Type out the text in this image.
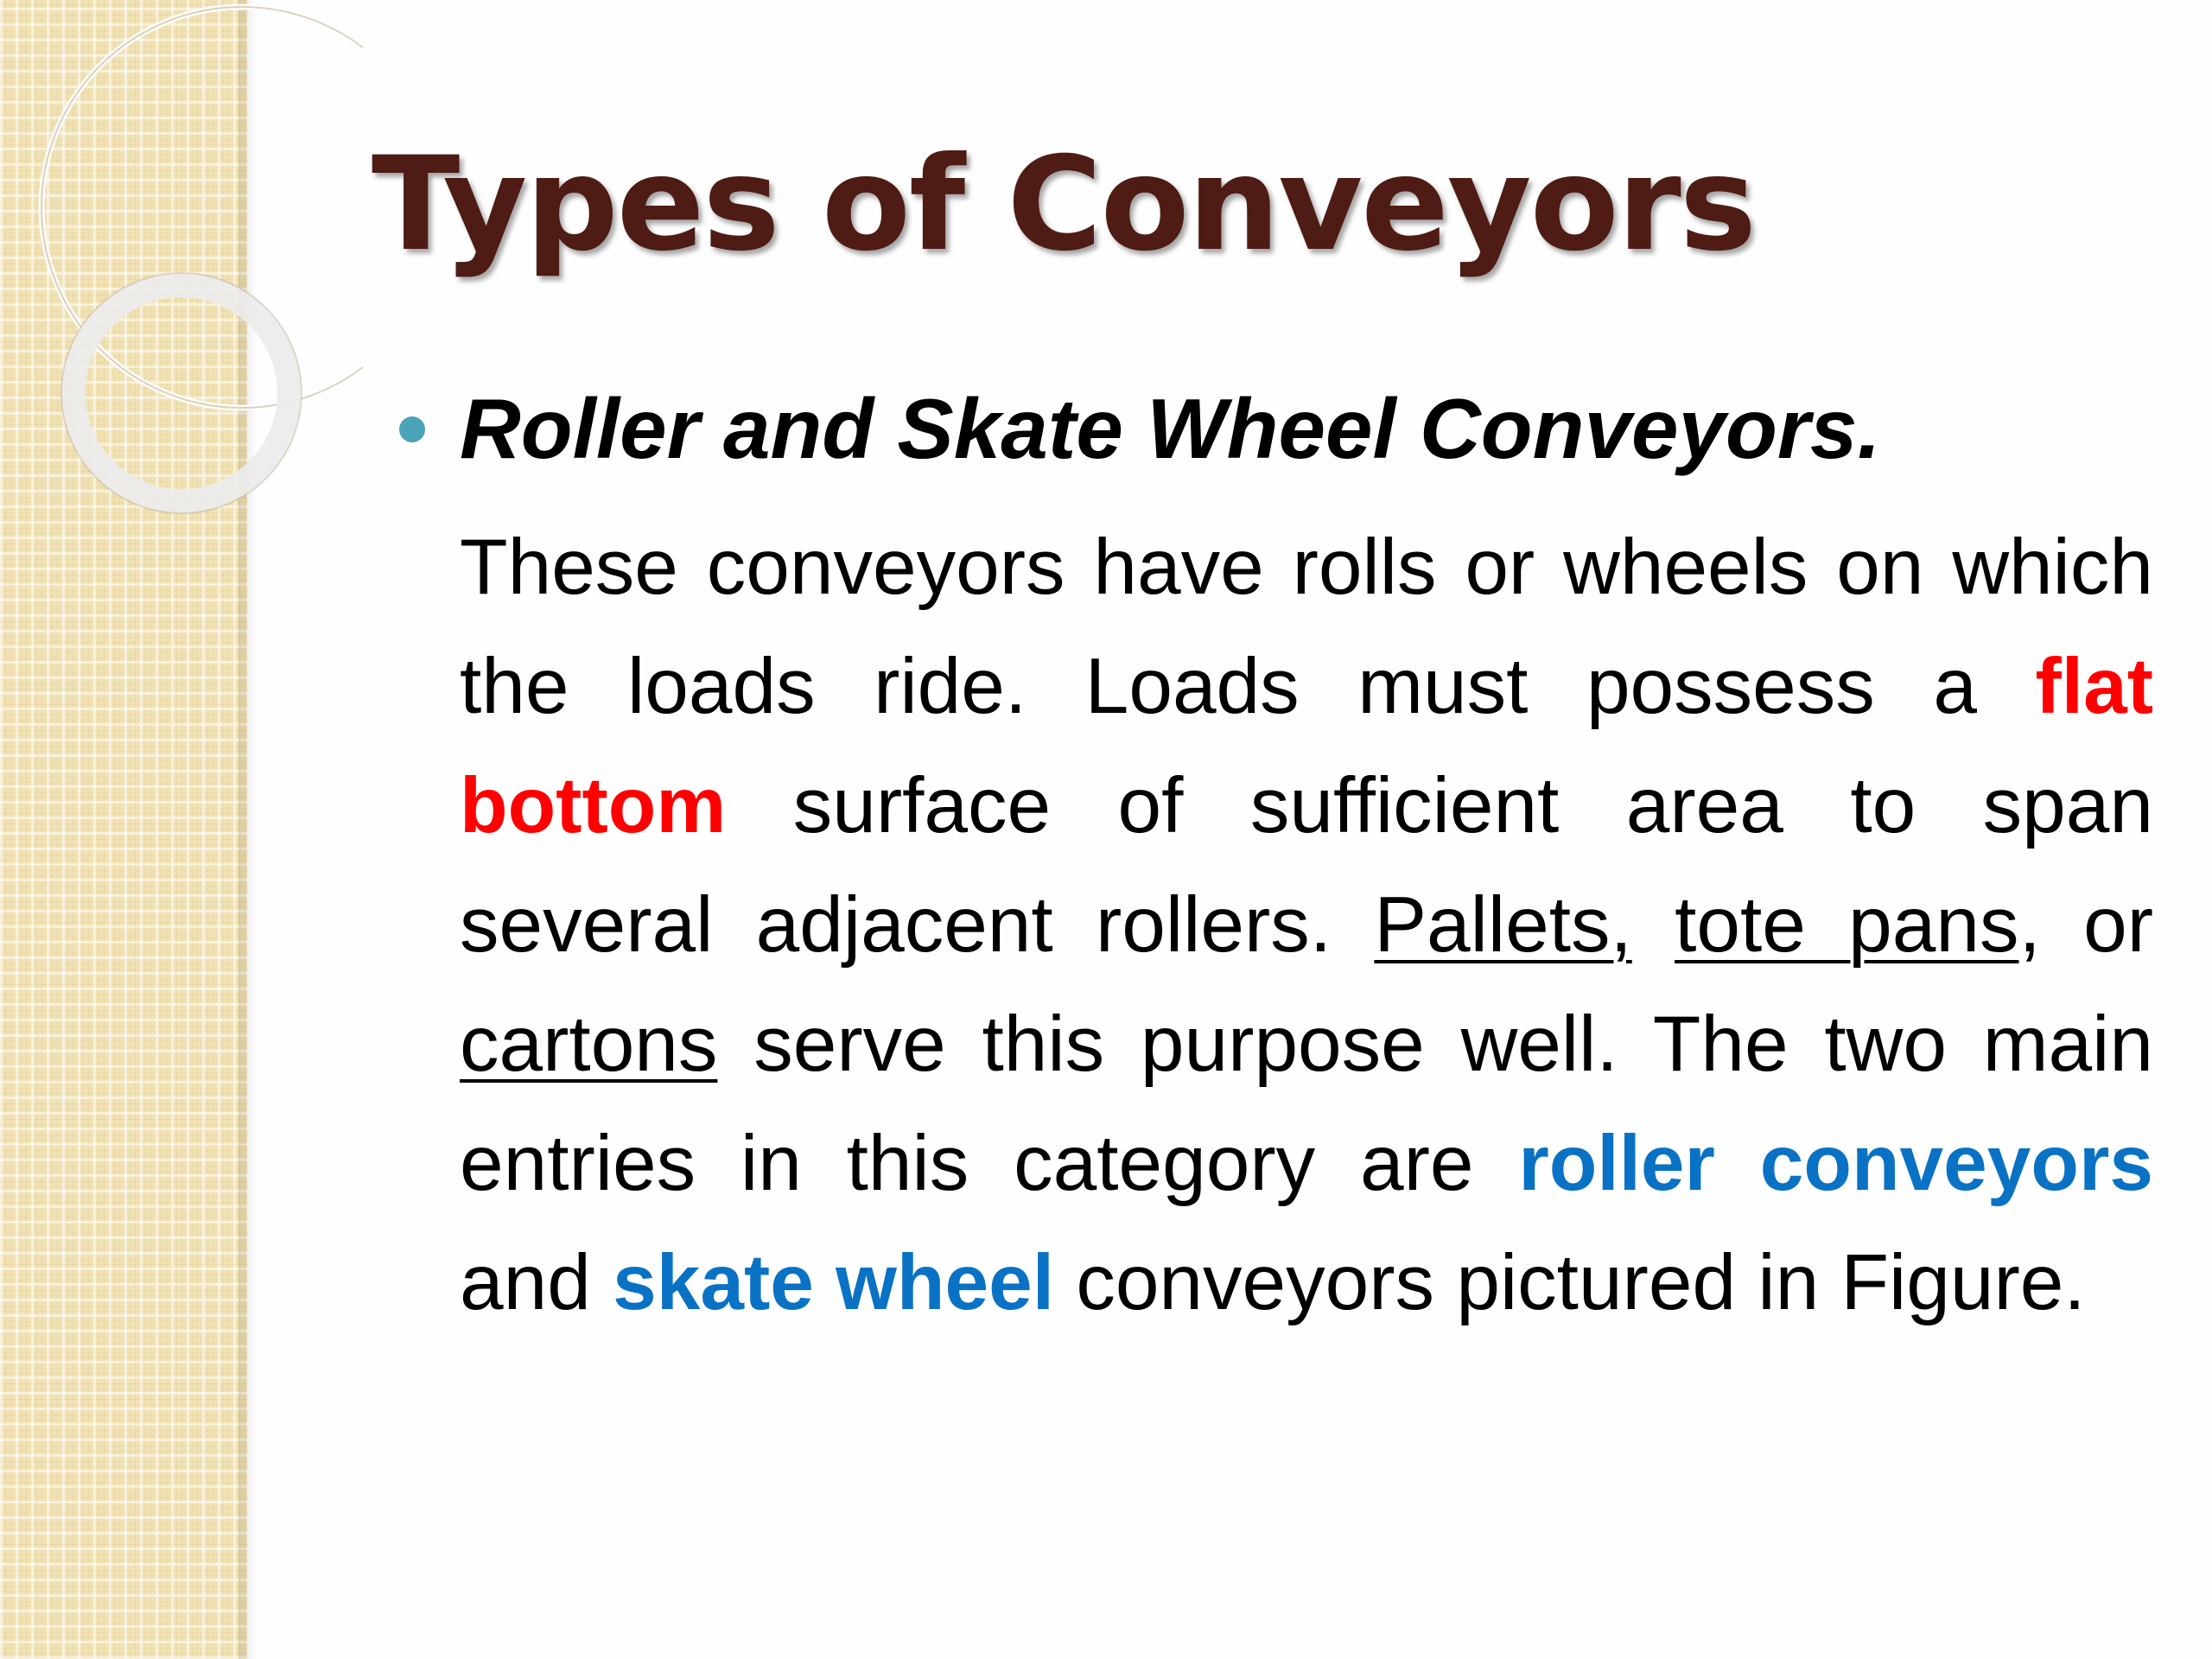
Types of Conveyors
Roller and Skate Wheel Conveyors.

These conveyors have rolls or wheels on which the loads ride. Loads must possess a flat bottom surface of sufficient area to span several adjacent rollers. Pallets, tote pans, or cartons serve this purpose well. The two main entries in this category are roller conveyors and skate wheel conveyors pictured in Figure.
